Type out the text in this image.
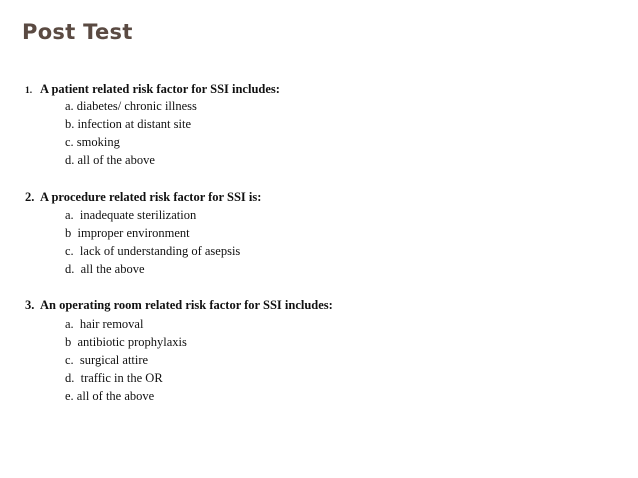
Post Test
1. A patient related risk factor for SSI includes:
a. diabetes/ chronic illness
b. infection at distant site
c. smoking
d. all of the above
2. A procedure related risk factor for SSI is:
a.  inadequate sterilization
b  improper environment
c.  lack of understanding of asepsis
d.  all the above
3. An operating room related risk factor for SSI includes:
a.  hair removal
b  antibiotic prophylaxis
c.  surgical attire
d.  traffic in the OR
e. all of the above
